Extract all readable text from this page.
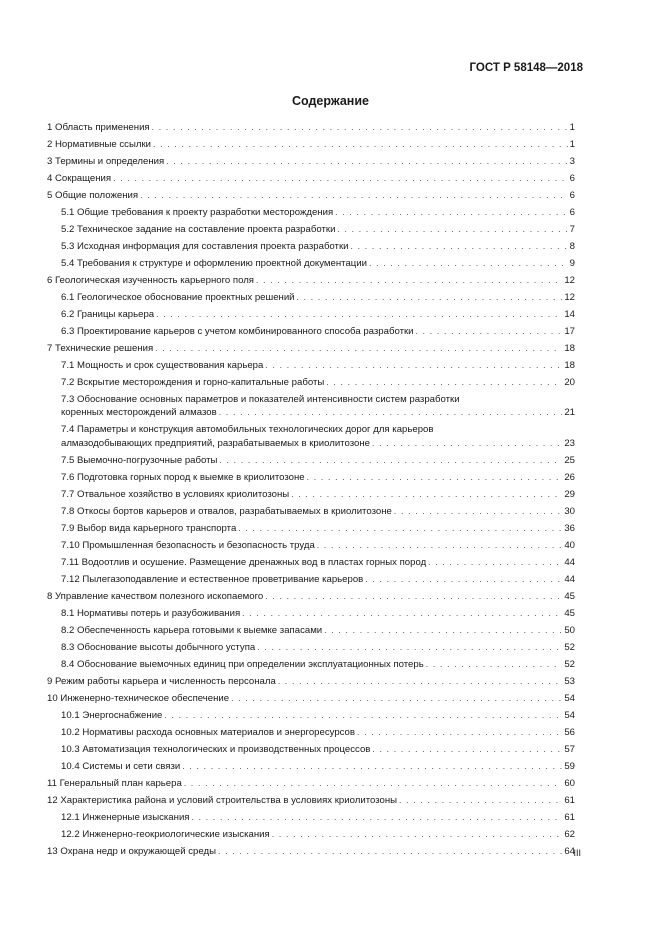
ГОСТ Р 58148—2018
Содержание
1 Область применения . . .	1
2 Нормативные ссылки . . .	1
3 Термины и определения . . .	3
4 Сокращения . . .	6
5 Общие положения . . .	6
5.1 Общие требования к проекту разработки месторождения . . .	6
5.2 Техническое задание на составление проекта разработки . . .	7
5.3 Исходная информация для составления проекта разработки . . .	8
5.4 Требования к структуре и оформлению проектной документации . . .	9
6 Геологическая изученность карьерного поля . . .	12
6.1 Геологическое обоснование проектных решений . . .	12
6.2 Границы карьера . . .	14
6.3 Проектирование карьеров с учетом комбинированного способа разработки . . .	17
7 Технические решения . . .	18
7.1 Мощность и срок существования карьера . . .	18
7.2 Вскрытие месторождения и горно-капитальные работы . . .	20
7.3 Обоснование основных параметров и показателей интенсивности систем разработки
коренных месторождений алмазов . . .	21
7.4 Параметры и конструкция автомобильных технологических дорог для карьеров
алмазодобывающих предприятий, разрабатываемых в криолитозоне . . .	23
7.5 Выемочно-погрузочные работы . . .	25
7.6 Подготовка горных пород к выемке в криолитозоне . . .	26
7.7 Отвальное хозяйство в условиях криолитозоны . . .	29
7.8 Откосы бортов карьеров и отвалов, разрабатываемых в криолитозоне . . .	30
7.9 Выбор вида карьерного транспорта . . .	36
7.10 Промышленная безопасность и безопасность труда . . .	40
7.11 Водоотлив и осушение. Размещение дренажных вод в пластах горных пород . . .	44
7.12 Пылегазоподавление и естественное проветривание карьеров . . .	44
8 Управление качеством полезного ископаемого . . .	45
8.1 Нормативы потерь и разубоживания . . .	45
8.2 Обеспеченность карьера готовыми к выемке запасами . . .	50
8.3 Обоснование высоты добычного уступа . . .	52
8.4 Обоснование выемочных единиц при определении эксплуатационных потерь . . .	52
9 Режим работы карьера и численность персонала . . .	53
10 Инженерно-техническое обеспечение . . .	54
10.1 Энергоснабжение . . .	54
10.2 Нормативы расхода основных материалов и энергоресурсов . . .	56
10.3 Автоматизация технологических и производственных процессов . . .	57
10.4 Системы и сети связи . . .	59
11 Генеральный план карьера . . .	60
12 Характеристика района и условий строительства в условиях криолитозоны . . .	61
12.1 Инженерные изыскания . . .	61
12.2 Инженерно-геокриологические изыскания . . .	62
13 Охрана недр и окружающей среды . . .	64
III
